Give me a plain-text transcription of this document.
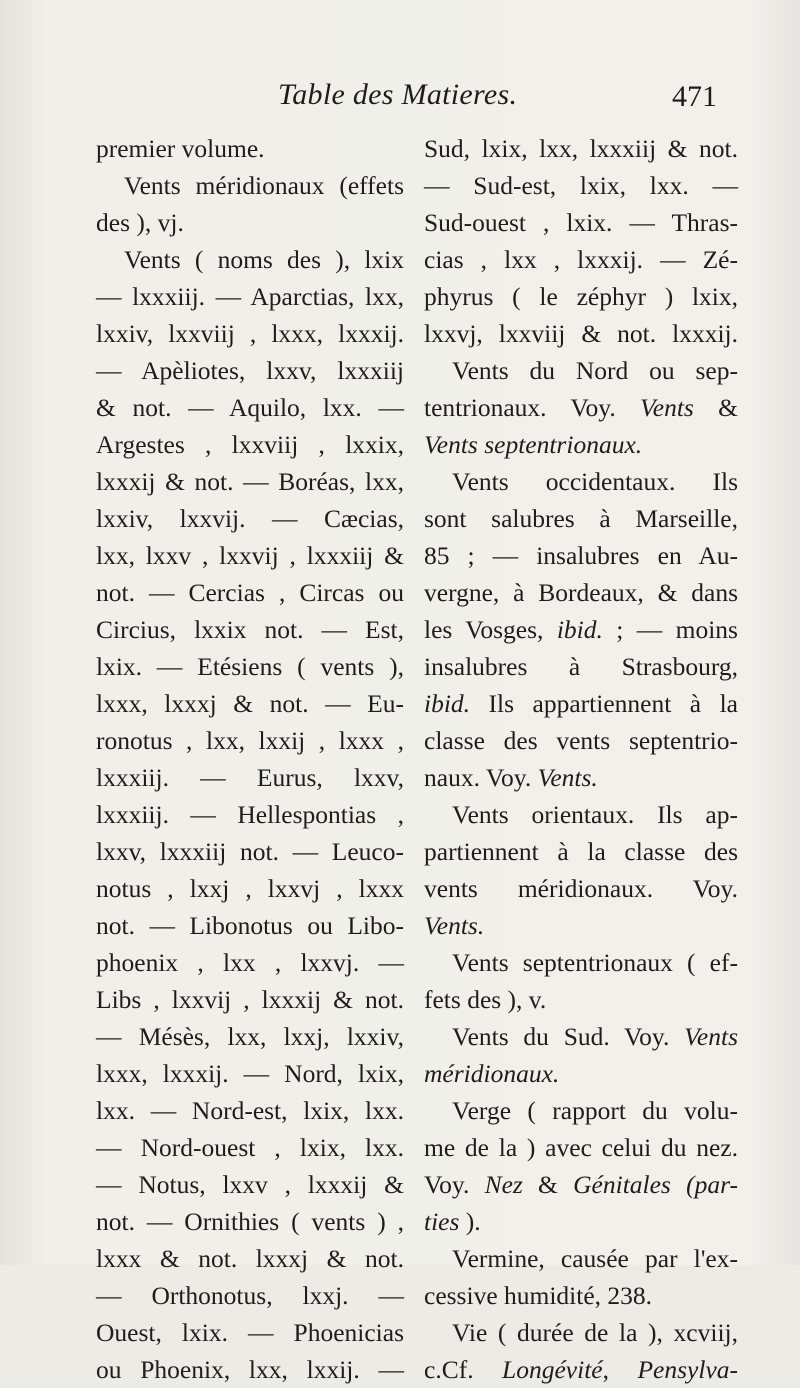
Table des Matieres.	471
premier volume.
Vents méridionaux (effets
des ), vj.
Vents ( noms des ), lxix
— lxxxiij. — Aparctias, lxx,
lxxiv, lxxviij , lxxx, lxxxij.
— Apèliotes, lxxv, lxxxiij
& not. — Aquilo, lxx. —
Argestes , lxxviij , lxxix,
lxxxij & not. — Boréas, lxx,
lxxiv, lxxvij. — Cæcias,
lxx, lxxv , lxxvij , lxxxiij &
not. — Cercias , Circas ou
Circius, lxxix not. — Est,
lxix. — Etésiens ( vents ),
lxxx, lxxxj & not. — Eu-
ronotus , lxx, lxxij , lxxx ,
lxxxiij. — Eurus, lxxv,
lxxxiij. — Hellespontias ,
lxxv, lxxxiij not. — Leuco-
notus , lxxj , lxxvj , lxxx
not. — Libonotus ou Libo-
phoenix , lxx , lxxvj. —
Libs , lxxvij , lxxxij & not.
— Mésès, lxx, lxxj, lxxiv,
lxxx, lxxxij. — Nord, lxix,
lxx. — Nord-est, lxix, lxx.
— Nord-ouest , lxix, lxx.
— Notus, lxxv , lxxxij &
not. — Ornithies ( vents ) ,
lxxx & not. lxxxj & not.
— Orthonotus, lxxj. —
Ouest, lxix. — Phoenicias
ou Phoenix, lxx, lxxij. —
Sud, lxix, lxx, lxxxiij & not.
— Sud-est, lxix, lxx. —
Sud-ouest , lxix. — Thras-
cias , lxx , lxxxij. — Zé-
phyrus ( le zéphyr ) lxix,
lxxvj, lxxviij & not. lxxxij.
Vents du Nord ou sep-
tentrionaux. Voy. Vents &
Vents septentrionaux.
Vents occidentaux. Ils
sont salubres à Marseille,
85 ; — insalubres en Au-
vergne, à Bordeaux, & dans
les Vosges, ibid. ; — moins
insalubres à Strasbourg,
ibid. Ils appartiennent à la
classe des vents septentrio-
naux. Voy. Vents.
Vents orientaux. Ils ap-
partiennent à la classe des
vents méridionaux. Voy.
Vents.
Vents septentrionaux ( ef-
fets des ), v.
Vents du Sud. Voy. Vents
méridionaux.
Verge ( rapport du volu-
me de la ) avec celui du nez.
Voy. Nez & Génitales (par-
ties ).
Vermine, causée par l'ex-
cessive humidité, 238.
Vie ( durée de la ), xcviij,
c.Cf. Longévité, Pensylva-
